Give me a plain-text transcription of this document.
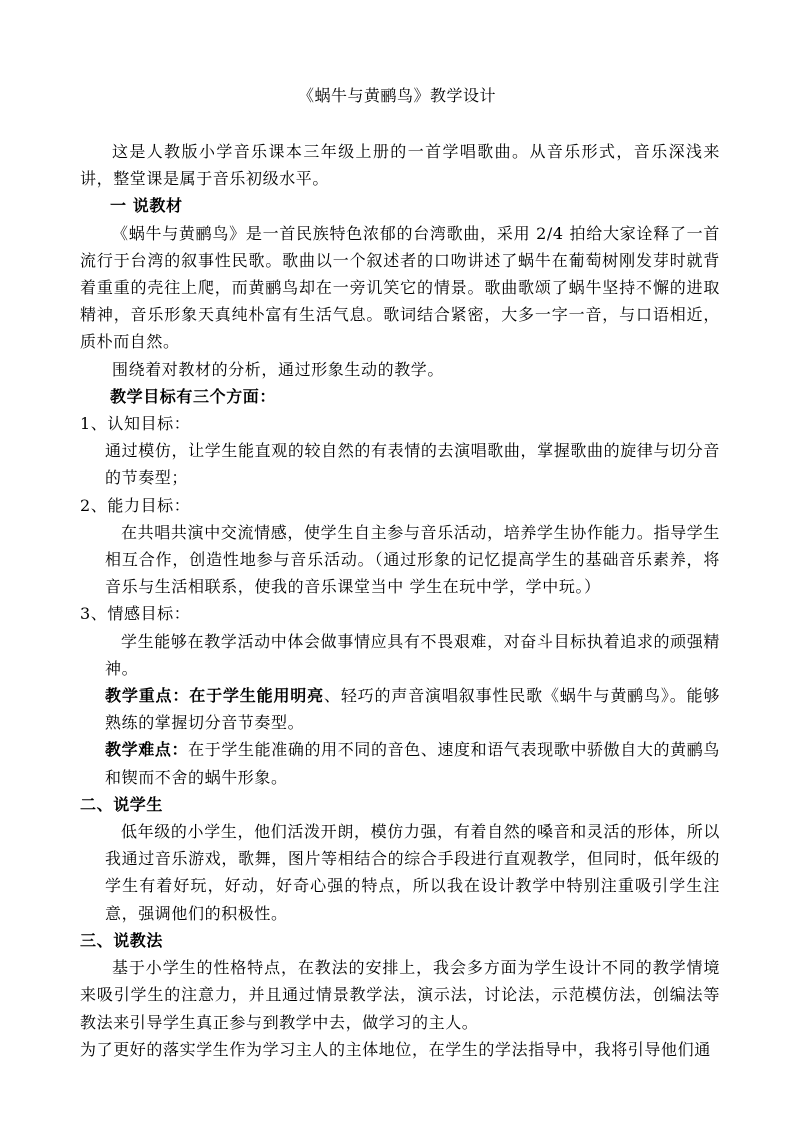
《蜗牛与黄鹂鸟》教学设计

这是人教版小学音乐课本三年级上册的一首学唱歌曲。从音乐形式，音乐深浅来讲，整堂课是属于音乐初级水平。

一 说教材

《蜗牛与黄鹂鸟》是一首民族特色浓郁的台湾歌曲，采用 2/4 拍给大家诠释了一首流行于台湾的叙事性民歌。歌曲以一个叙述者的口吻讲述了蜗牛在葡萄树刚发芽时就背着重重的壳往上爬，而黄鹂鸟却在一旁讥笑它的情景。歌曲歌颂了蜗牛坚持不懈的进取精神，音乐形象天真纯朴富有生活气息。歌词结合紧密，大多一字一音，与口语相近，质朴而自然。

围绕着对教材的分析，通过形象生动的教学。

教学目标有三个方面：

1、认知目标：

通过模仿，让学生能直观的较自然的有表情的去演唱歌曲，掌握歌曲的旋律与切分音的节奏型；

2、能力目标：

在共唱共演中交流情感，使学生自主参与音乐活动，培养学生协作能力。指导学生相互合作，创造性地参与音乐活动。（通过形象的记忆提高学生的基础音乐素养，将音乐与生活相联系，使我的音乐课堂当中 学生在玩中学，学中玩。）

3、情感目标：

学生能够在教学活动中体会做事情应具有不畏艰难，对奋斗目标执着追求的顽强精神。

教学重点：在于学生能用明亮、轻巧的声音演唱叙事性民歌《蜗牛与黄鹂鸟》。能够熟练的掌握切分音节奏型。

教学难点：在于学生能准确的用不同的音色、速度和语气表现歌中骄傲自大的黄鹂鸟和锲而不舍的蜗牛形象。

二、说学生

低年级的小学生，他们活泼开朗，模仿力强，有着自然的嗓音和灵活的形体，所以我通过音乐游戏，歌舞，图片等相结合的综合手段进行直观教学，但同时，低年级的学生有着好玩，好动，好奇心强的特点，所以我在设计教学中特别注重吸引学生注意，强调他们的积极性。

三、说教法

基于小学生的性格特点，在教法的安排上，我会多方面为学生设计不同的教学情境来吸引学生的注意力，并且通过情景教学法，演示法，讨论法，示范模仿法，创编法等教法来引导学生真正参与到教学中去，做学习的主人。

为了更好的落实学生作为学习主人的主体地位，在学生的学法指导中，我将引导他们通
